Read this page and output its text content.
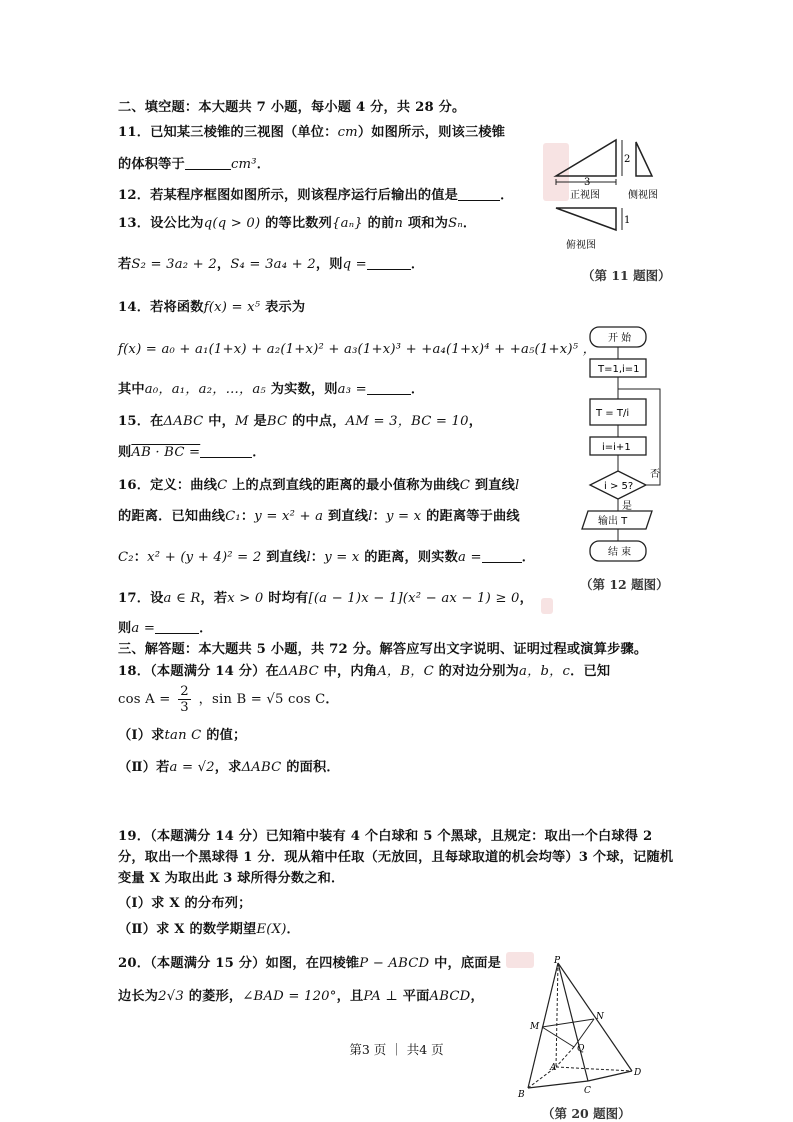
二、填空题：本大题共 7 小题，每小题 4 分，共 28 分。
11．已知某三棱锥的三视图（单位：cm）如图所示，则该三棱锥
的体积等于	cm³．
12．若某程序框图如图所示，则该程序运行后输出的值是	．
13．设公比为q(q > 0) 的等比数列{aₙ} 的前n 项和为Sₙ．
若S₂ = 3a₂ + 2，S₄ = 3a₄ + 2，则q =	．
14．若将函数f(x) = x⁵ 表示为
f(x) = a₀ + a₁(1+x) + a₂(1+x)² + a₃(1+x)³ + +a₄(1+x)⁴ + +a₅(1+x)⁵ ，
其中a₀，a₁，a₂，…，a₅ 为实数，则a₃ =	．
15．在ΔABC 中，M 是BC 的中点，AM = 3，BC = 10，
则AB · BC =	．
16．定义：曲线C 上的点到直线的距离的最小值称为曲线C 到直线l
的距离．已知曲线C₁：y = x² + a 到直线l：y = x 的距离等于曲线
C₂：x² + (y + 4)² = 2 到直线l：y = x 的距离，则实数a =	．
17．设a ∈ R，若x > 0 时均有[(a − 1)x − 1](x² − ax − 1) ≥ 0，
则a =	．
三、解答题：本大题共 5 小题，共 72 分。解答应写出文字说明、证明过程或演算步骤。
18．（本题满分 14 分）在ΔABC 中，内角A，B，C 的对边分别为a，b，c．已知
$\cos A = \frac{2}{3}$ ，sin B = √5 cos C．
（Ⅰ）求tan C 的值；
（Ⅱ）若a = √2，求ΔABC 的面积．
19．（本题满分 14 分）已知箱中装有 4 个白球和 5 个黑球，且规定：取出一个白球得 2 分，取出一个黑球得 1 分．现从箱中任取（无放回，且每球取道的机会均等）3 个球，记随机变量 X 为取出此 3 球所得分数之和．
（Ⅰ）求 X 的分布列；
（Ⅱ）求 X 的数学期望E(X)．
20．（本题满分 15 分）如图，在四棱锥P − ABCD 中，底面是
边长为2√3 的菱形，∠BAD = 120°，且PA ⊥ 平面ABCD，
3
2
正视图	侧视图
1
俯视图
（第 11 题图）
开 始
T=1,i=1
T = T/i
i=i+1
i > 5?
否
是
输出 T
结 束
（第 12 题图）
P
M
N
Q
A
B	C
D
（第 20 题图）
第3 页 ｜ 共4 页
